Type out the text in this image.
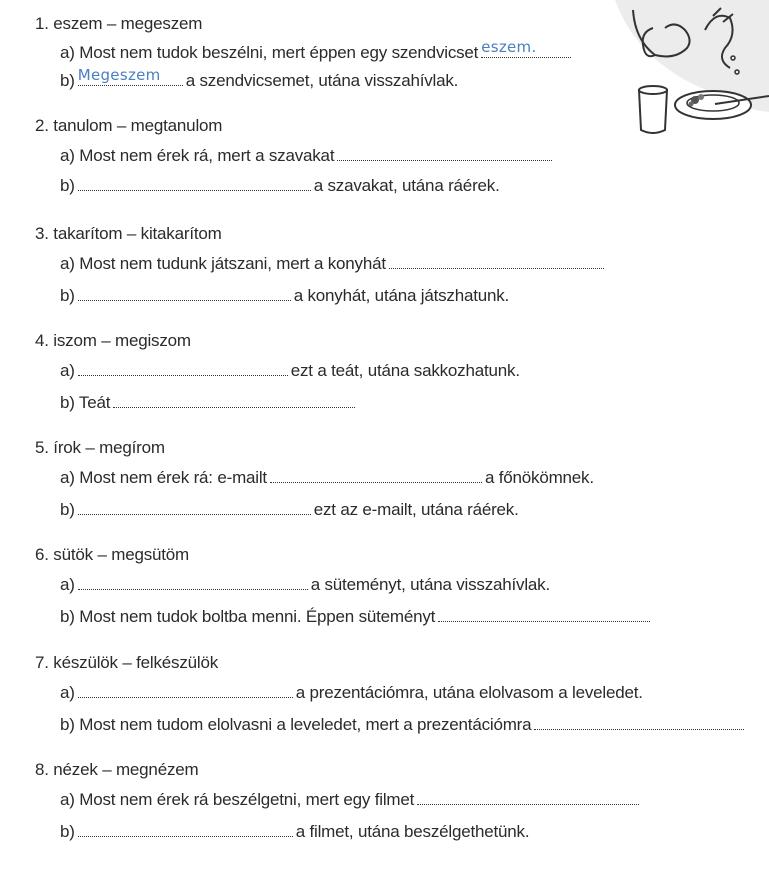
1. eszem – megeszem
a) Most nem tudok beszélni, mert éppen egy szendvicset eszem.
b) Megeszem a szendvicsemet, utána visszahívlak.
2. tanulom – megtanulom
a) Most nem érek rá, mert a szavakat
b)	a szavakat, utána ráérek.
3. takarítom – kitakarítom
a) Most nem tudunk játszani, mert a konyhát
b)	a konyhát, utána játszhatunk.
4. iszom – megiszom
a)	ezt a teát, utána sakkozhatunk.
b) Teát
5. írok – megírom
a) Most nem érek rá: e-mailt	a főnökömnek.
b)	ezt az e-mailt, utána ráérek.
6. sütök – megsütöm
a)	a süteményt, utána visszahívlak.
b) Most nem tudok boltba menni. Éppen süteményt
7. készülök – felkészülök
a)	a prezentációmra, utána elolvasom a leveledet.
b) Most nem tudom elolvasni a leveledet, mert a prezentációmra
8. nézek – megnézem
a) Most nem érek rá beszélgetni, mert egy filmet
b)	a filmet, utána beszélgethetünk.
